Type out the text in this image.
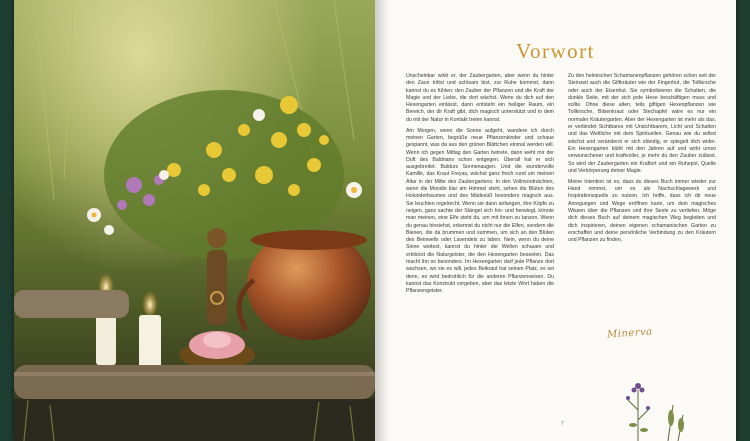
Vorwort

Unscheinbar wirkt er, der Zaubergarten, aber wenn du hinter den Zaun trittst und achtsam bist, zur Ruhe kommst, dann kannst du es fühlen: den Zauber der Pflanzen und die Kraft der Magie und der Liebe, die dort wächst. Wenn du dich auf den Hexengarten einlässt, dann entsteht ein heiliger Raum, ein Bereich, der dir Kraft gibt, dich magisch unterstützt und in dem du mit der Natur in Kontakt treten kannst.

Am Morgen, wenn die Sonne aufgeht, wandere ich durch meinen Garten, begrüße neue Pflanzenkinder und schaue gespannt, was da aus den grünen Blättchen einmal werden will. Wenn ich gegen Mittag den Garten betrete, dann weht mir der Duft des Baldrians schon entgegen. Überall hat er sich ausgebreitet. Baldurs Sonnenaugen. Und die wundervolle Kamille, das Kraut Freyas, wächst ganz frech rund um meinen Altar in der Mitte des Zaubergartens. In den Vollmondnächten, wenn die Mondin klar am Himmel steht, sehen die Blüten des Holunderbaumes und des Mädesüß besonders magisch aus. Sie leuchten regelrecht. Wenn sie dann anfangen, ihre Köpfe zu neigen, ganz sachte der Stängel sich hin- und herwiegt, könnte man meinen, eine Elfe steht da, um mit ihnen zu tanzen. Wenn du genau hinsiehst, erkennst du nicht nur die Elfen, sondern die Bienen, die da brummen und summen, um sich an den Blüten des Beinwells oder Lavendels zu laben. Nein, wenn du deine Sinne weitest, kannst du hinter die Welten schauen und erblickst die Naturgeister, die den Hexengarten beseelen. Das macht ihn so besonders. Im Hexengarten darf jede Pflanze dort wachsen, wo sie es will, jedes Beikraut hat seinen Platz, es sei denn, es wird bedrohlich für die anderen Pflanzenwesen. Du kannst das Konstrukt vorgeben, aber das letzte Wort haben die Pflanzengeister.

Zu den heimischen Schamanenpflanzen gehören schon seit der Steinzeit auch die Giftkräuter wie der Fingerhut, die Tollkirsche oder auch der Eisenhut. Sie symbolisieren die Schatten, die dunkle Seite, mit der sich jede Hexe beschäftigen muss und sollte. Ohne diese alten, teils giftigen Hexenpflanzen wie Tollkirsche, Bilsenkraut oder Stechapfel wäre es nur ein normaler Kräutergarten. Aber der Hexengarten ist mehr als das, er verbindet Sichtbares mit Unsichtbarem, Licht und Schatten und das Weltliche mit dem Spirituellen. Genau wie du selbst wächst und veränderst er sich ständig, er spiegelt dich wider. Ein Hexengarten blüht mit den Jahren auf und wirkt umso verwunschener und kraftvoller, je mehr du den Zauber zulässt. So wird der Zaubergarten ein Kraftort und ein Ruhepol, Quelle und Verkörperung deiner Magie.

Meine Intention ist es, dass du dieses Buch immer wieder zur Hand nimmst, um es als Nachschlagewerk und Inspirationsquelle zu nutzen. Ich hoffe, dass ich dir neue Anregungen und Wege eröffnen kann, um dein magisches Wissen über die Pflanzen und ihre Seele zu vertiefen. Möge dich dieses Buch auf deinem magischen Weg begleiten und dich inspirieren, deinen eigenen schamanischen Garten zu erschaffen und deine persönliche Verbindung zu den Kräutern und Pflanzen zu finden.

Minerva
7
